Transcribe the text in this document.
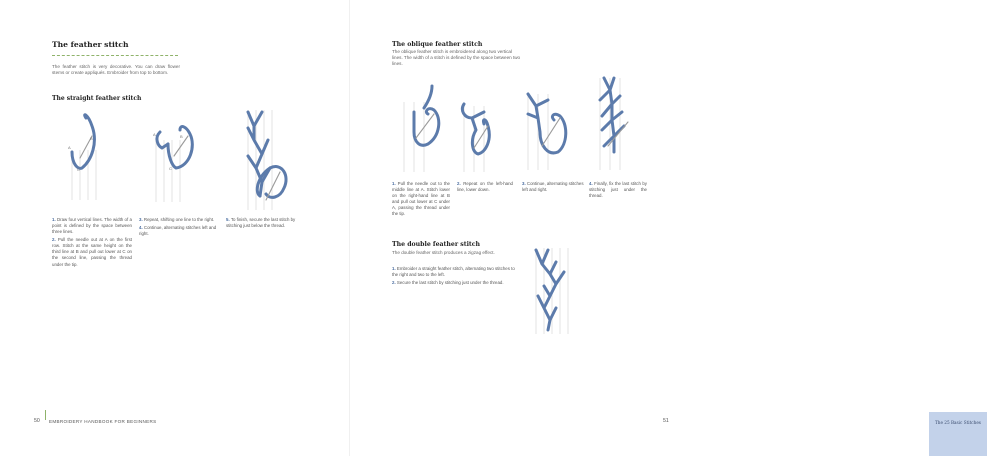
The feather stitch
The feather stitch is very decorative. You can draw flower stems or create appliqués. Embroider from top to bottom.
The straight feather stitch
A
B
C
A	B
C

1. Draw four vertical lines. The width of a point is defined by the space between three lines.

2. Pull the needle out at A on the first row. Stitch at the same height on the third line at B and pull out lower at C on the second line, passing the thread under the tip.

3. Repeat, shifting one line to the right.

4. Continue, alternating stitches left and right.

5. To finish, secure the last stitch by stitching just below the thread.

50 EMBROIDERY HANDBOOK FOR BEGINNERS
The oblique feather stitch
The oblique feather stitch is embroidered along two vertical lines. The width of a stitch is defined by the space between two lines.
1. Pull the needle out to the middle line at A. Stitch lower on the right-hand line at B and pull out lower at C under A, passing the thread under the tip.
2. Repeat on the left-hand line, lower down.
3. Continue, alternating stitches left and right.
4. Finally, fix the last stitch by stitching just under the thread.
The double feather stitch
The double feather stitch produces a zigzag effect.

1. Embroider a straight feather stitch, alternating two stitches to the right and two to the left.

2. Secure the last stitch by stitching just under the thread.

The 25 Basic Stitches
51
